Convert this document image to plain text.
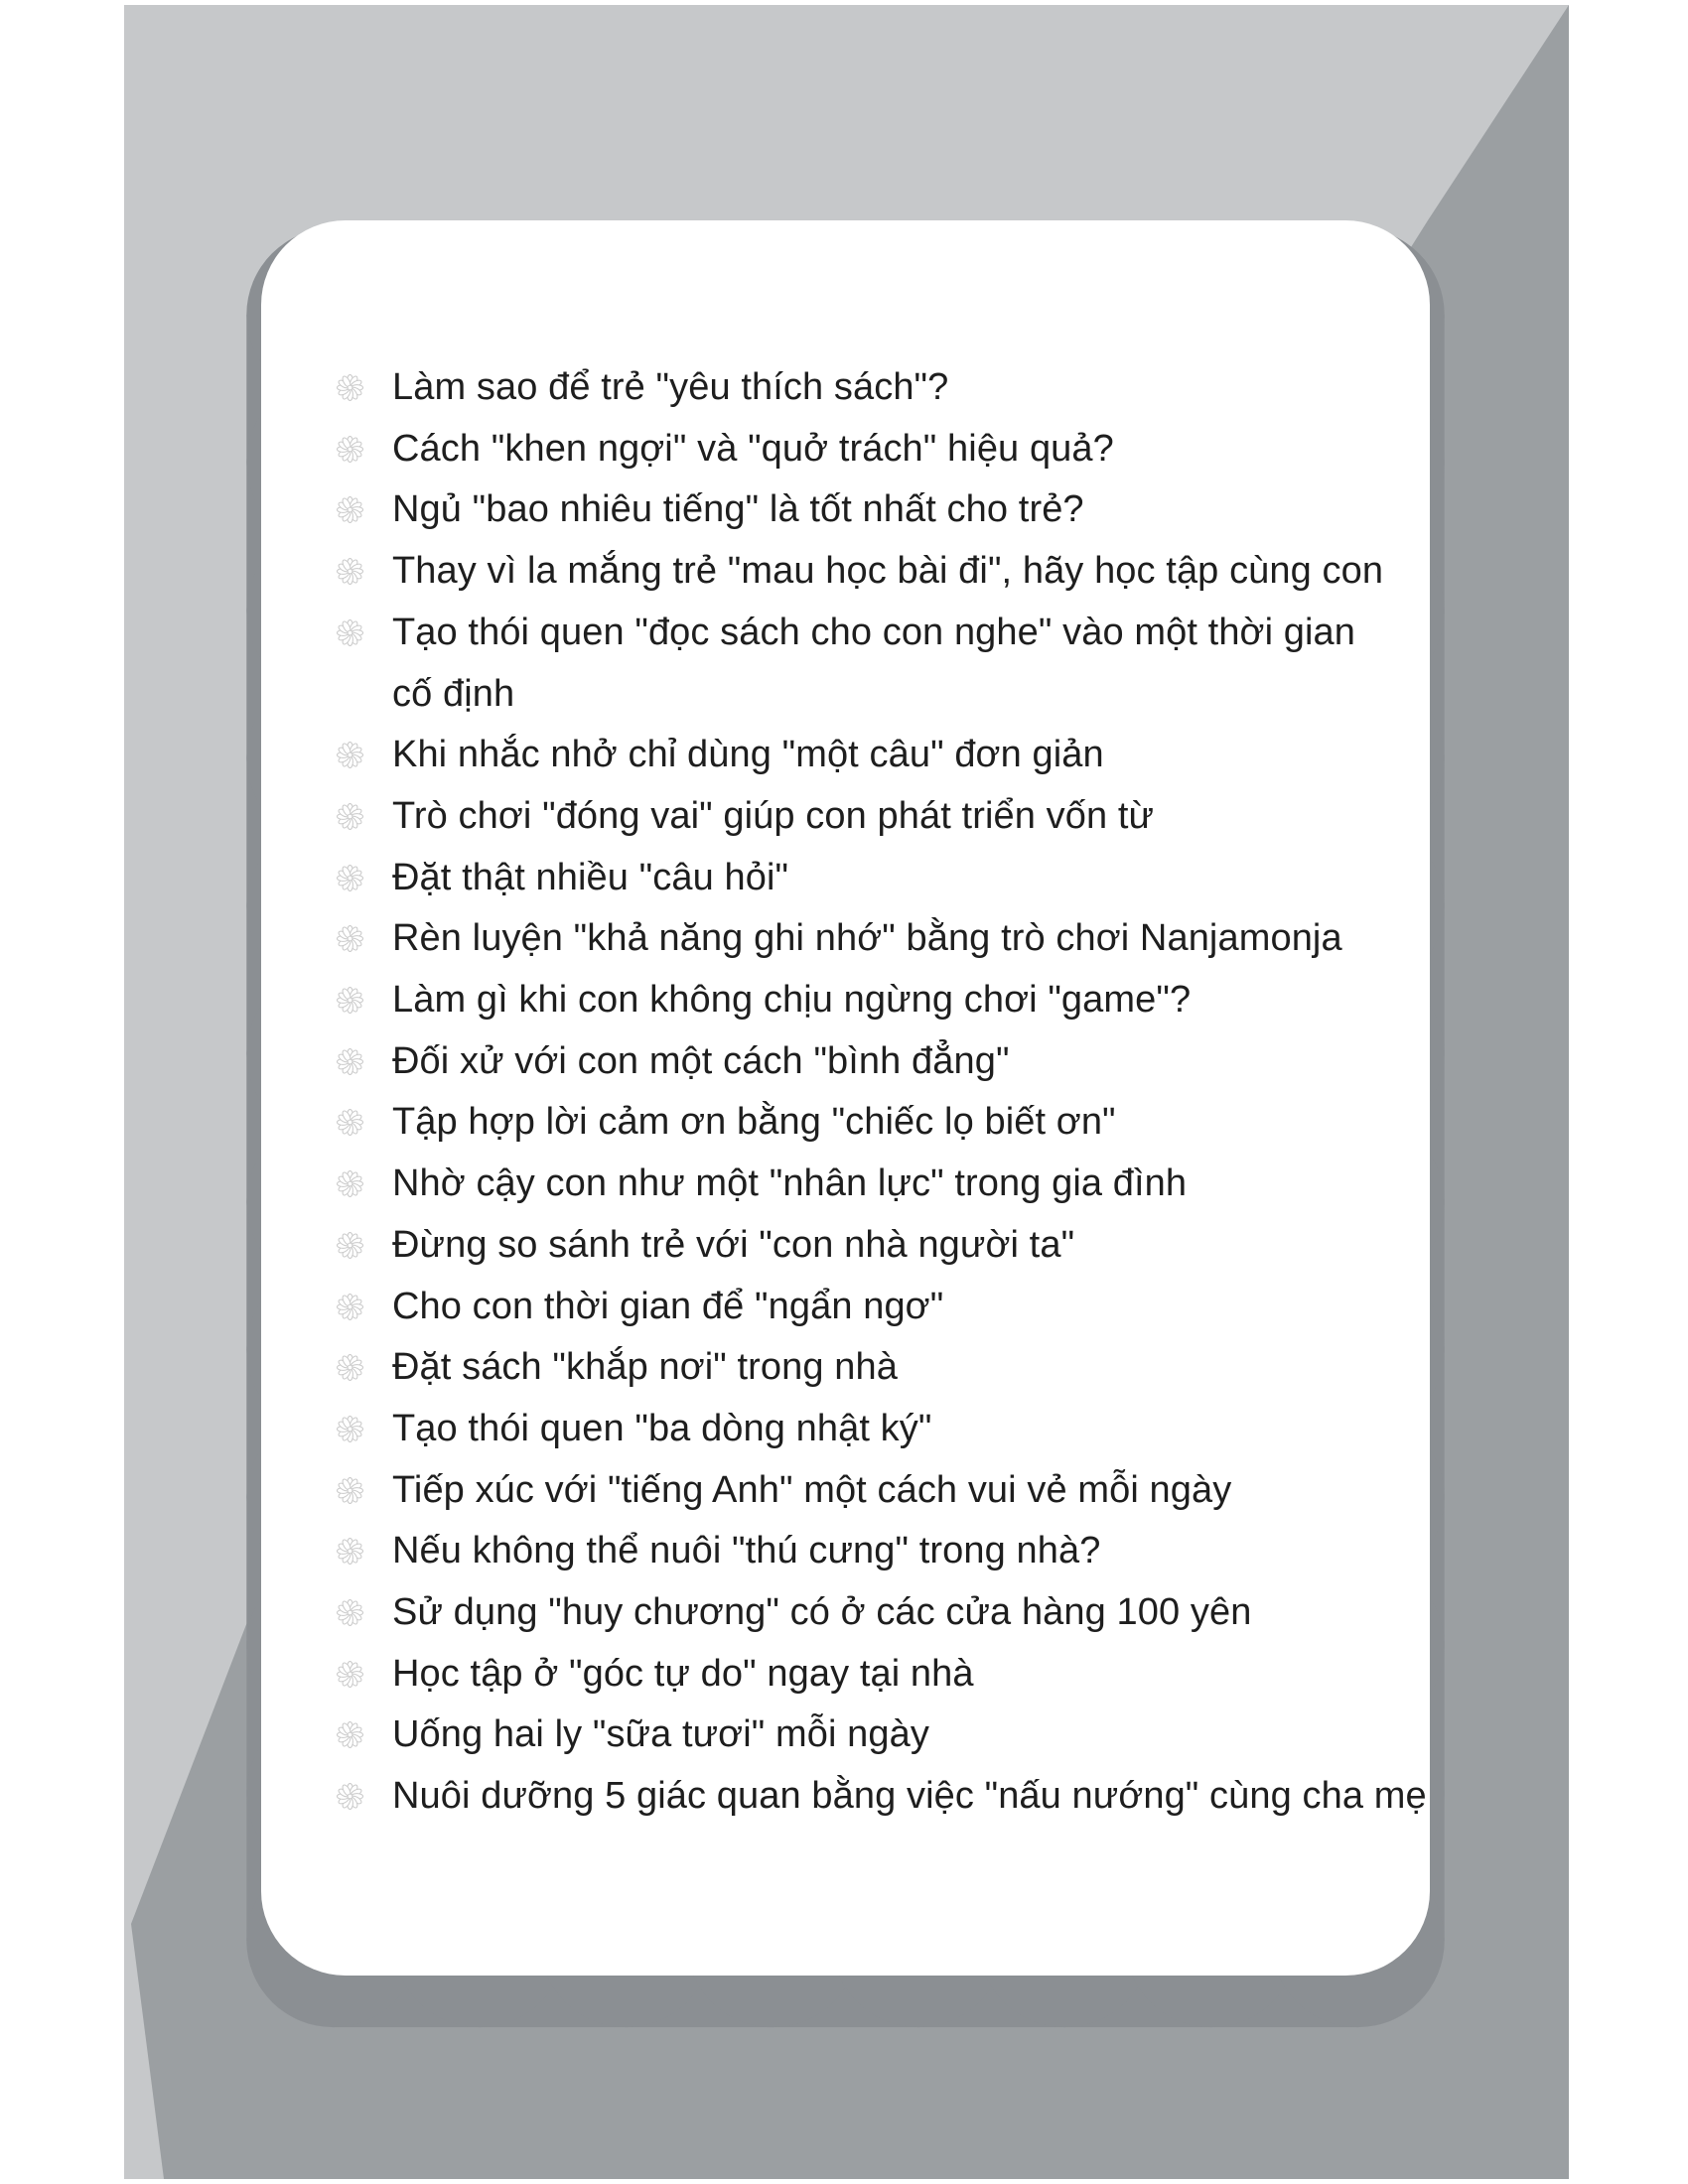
Làm sao để trẻ "yêu thích sách"?
Cách "khen ngợi" và "quở trách" hiệu quả?
Ngủ "bao nhiêu tiếng" là tốt nhất cho trẻ?
Thay vì la mắng trẻ "mau học bài đi", hãy học tập cùng con
Tạo thói quen "đọc sách cho con nghe" vào một thời gian
cố định
Khi nhắc nhở chỉ dùng "một câu" đơn giản
Trò chơi "đóng vai" giúp con phát triển vốn từ
Đặt thật nhiều "câu hỏi"
Rèn luyện "khả năng ghi nhớ" bằng trò chơi Nanjamonja
Làm gì khi con không chịu ngừng chơi "game"?
Đối xử với con một cách "bình đẳng"
Tập hợp lời cảm ơn bằng "chiếc lọ biết ơn"
Nhờ cậy con như một "nhân lực" trong gia đình
Đừng so sánh trẻ với "con nhà người ta"
Cho con thời gian để "ngẩn ngơ"
Đặt sách "khắp nơi" trong nhà
Tạo thói quen "ba dòng nhật ký"
Tiếp xúc với "tiếng Anh" một cách vui vẻ mỗi ngày
Nếu không thể nuôi "thú cưng" trong nhà?
Sử dụng "huy chương" có ở các cửa hàng 100 yên
Học tập ở "góc tự do" ngay tại nhà
Uống hai ly "sữa tươi" mỗi ngày
Nuôi dưỡng 5 giác quan bằng việc "nấu nướng" cùng cha mẹ
